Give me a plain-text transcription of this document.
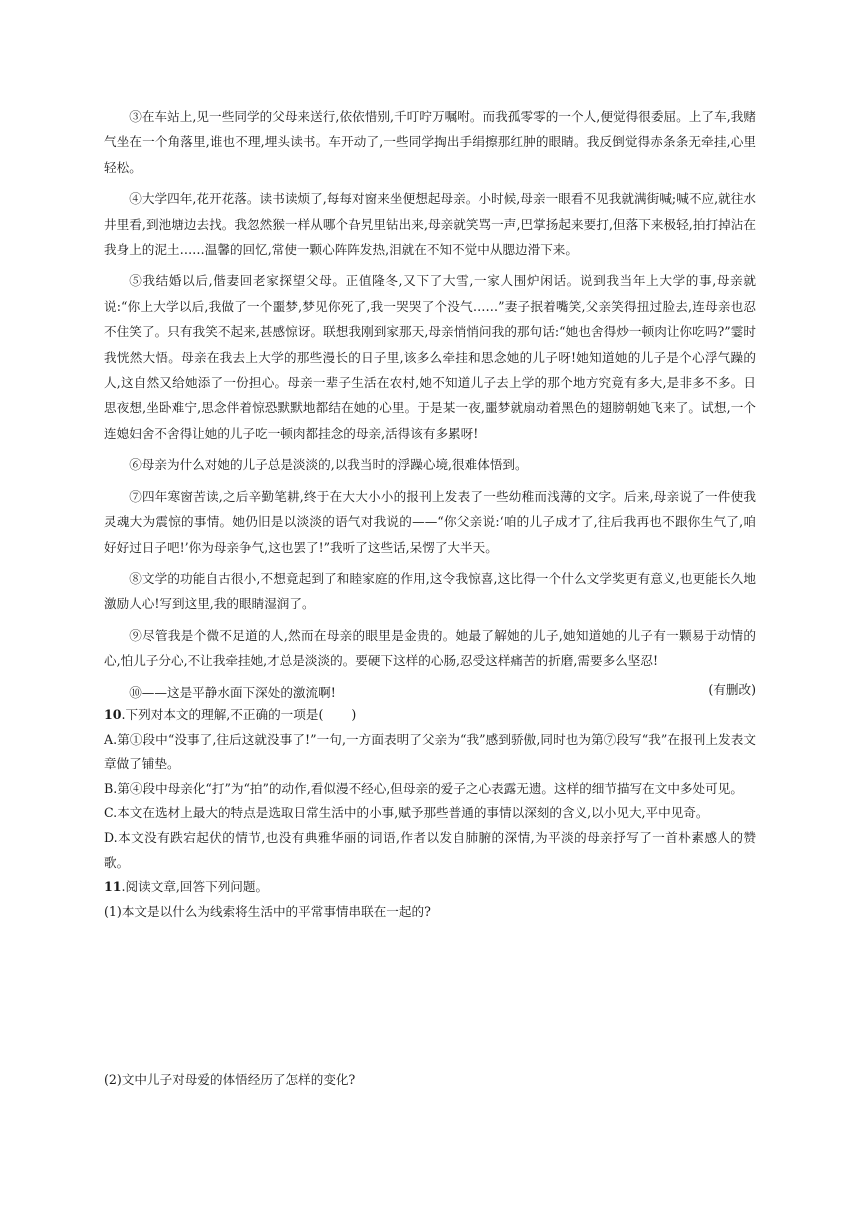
③在车站上,见一些同学的父母来送行,依依惜别,千叮咛万嘱咐。而我孤零零的一个人,便觉得很委屈。上了车,我赌气坐在一个角落里,谁也不理,埋头读书。车开动了,一些同学掏出手绢擦那红肿的眼睛。我反倒觉得赤条条无牵挂,心里轻松。

④大学四年,花开花落。读书读烦了,每每对窗来坐便想起母亲。小时候,母亲一眼看不见我就满街喊;喊不应,就往水井里看,到池塘边去找。我忽然猴一样从哪个旮旯里钻出来,母亲就笑骂一声,巴掌扬起来要打,但落下来极轻,拍打掉沾在我身上的泥土……温馨的回忆,常使一颗心阵阵发热,泪就在不知不觉中从腮边滑下来。

⑤我结婚以后,偕妻回老家探望父母。正值隆冬,又下了大雪,一家人围炉闲话。说到我当年上大学的事,母亲就说:“你上大学以后,我做了一个噩梦,梦见你死了,我一哭哭了个没气……”妻子抿着嘴笑,父亲笑得扭过脸去,连母亲也忍不住笑了。只有我笑不起来,甚感惊讶。联想我刚到家那天,母亲悄悄问我的那句话:“她也舍得炒一顿肉让你吃吗?”霎时我恍然大悟。母亲在我去上大学的那些漫长的日子里,该多么牵挂和思念她的儿子呀!她知道她的儿子是个心浮气躁的人,这自然又给她添了一份担心。母亲一辈子生活在农村,她不知道儿子去上学的那个地方究竟有多大,是非多不多。日思夜想,坐卧难宁,思念伴着惊恐默默地都结在她的心里。于是某一夜,噩梦就扇动着黑色的翅膀朝她飞来了。试想,一个连媳妇舍不舍得让她的儿子吃一顿肉都挂念的母亲,活得该有多累呀!

⑥母亲为什么对她的儿子总是淡淡的,以我当时的浮躁心境,很难体悟到。

⑦四年寒窗苦读,之后辛勤笔耕,终于在大大小小的报刊上发表了一些幼稚而浅薄的文字。后来,母亲说了一件使我灵魂大为震惊的事情。她仍旧是以淡淡的语气对我说的——“你父亲说:‘咱的儿子成才了,往后我再也不跟你生气了,咱好好过日子吧!’你为母亲争气,这也罢了!”我听了这些话,呆愣了大半天。

⑧文学的功能自古很小,不想竟起到了和睦家庭的作用,这令我惊喜,这比得一个什么文学奖更有意义,也更能长久地激励人心!写到这里,我的眼睛湿润了。

⑨尽管我是个微不足道的人,然而在母亲的眼里是金贵的。她最了解她的儿子,她知道她的儿子有一颗易于动情的心,怕儿子分心,不让我牵挂她,才总是淡淡的。要硬下这样的心肠,忍受这样痛苦的折磨,需要多么坚忍!

⑩——这是平静水面下深处的激流啊!	(有删改)
10.下列对本文的理解,不正确的一项是( )
A.第①段中“没事了,往后这就没事了!”一句,一方面表明了父亲为“我”感到骄傲,同时也为第⑦段写“我”在报刊上发表文章做了铺垫。
B.第④段中母亲化“打”为“拍”的动作,看似漫不经心,但母亲的爱子之心表露无遗。这样的细节描写在文中多处可见。
C.本文在选材上最大的特点是选取日常生活中的小事,赋予那些普通的事情以深刻的含义,以小见大,平中见奇。
D.本文没有跌宕起伏的情节,也没有典雅华丽的词语,作者以发自肺腑的深情,为平淡的母亲抒写了一首朴素感人的赞歌。
11.阅读文章,回答下列问题。
(1)本文是以什么为线索将生活中的平常事情串联在一起的?
(2)文中儿子对母爱的体悟经历了怎样的变化?
